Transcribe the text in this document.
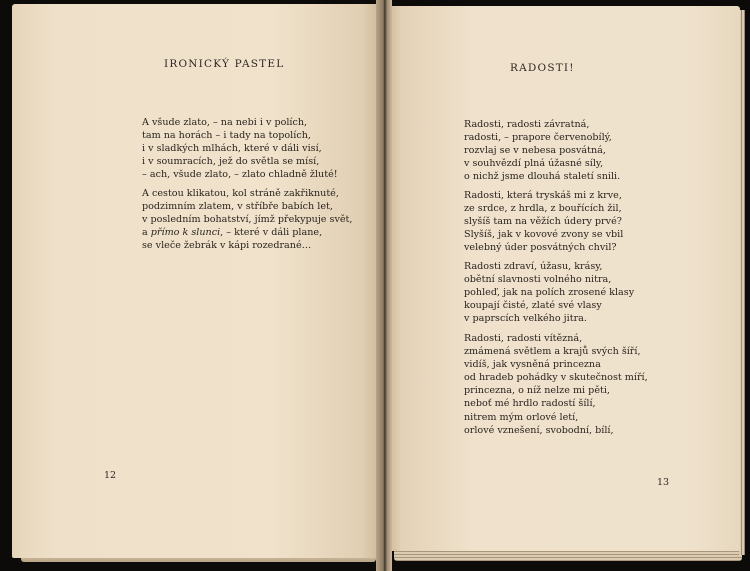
IRONICKÝ PASTEL
A všude zlato, – na nebi i v polích,
tam na horách – i tady na topolích,
i v sladkých mlhách, které v dáli visí,
i v soumracích, jež do světla se mísí,
– ach, všude zlato, – zlato chladně žluté!
A cestou klikatou, kol stráně zakřiknuté,
podzimním zlatem, v stříbře babích let,
v posledním bohatství, jímž překypuje svět,
a přímo k slunci, – které v dáli plane,
se vleče žebrák v kápi rozedrané…
12
RADOSTI!
Radosti, radosti závratná,
radosti, – prapore červenobílý,
rozvlaj se v nebesa posvátná,
v souhvězdí plná úžasné síly,
o nichž jsme dlouhá staletí snili.
Radosti, která tryskáš mi z krve,
ze srdce, z hrdla, z bouřících žil,
slyšíš tam na věžích údery prvé?
Slyšíš, jak v kovové zvony se vbil
velebný úder posvátných chvil?
Radosti zdraví, úžasu, krásy,
obětní slavnosti volného nitra,
pohleď, jak na polích zrosené klasy
koupají čisté, zlaté své vlasy
v paprscích velkého jitra.
Radosti, radosti vítězná,
zmámená světlem a krajů svých šíří,
vidíš, jak vysněná princezna
od hradeb pohádky v skutečnost míří,
princezna, o níž nelze mi pěti,
neboť mé hrdlo radostí šílí,
nitrem mým orlové letí,
orlové vznešení, svobodní, bílí,
13
